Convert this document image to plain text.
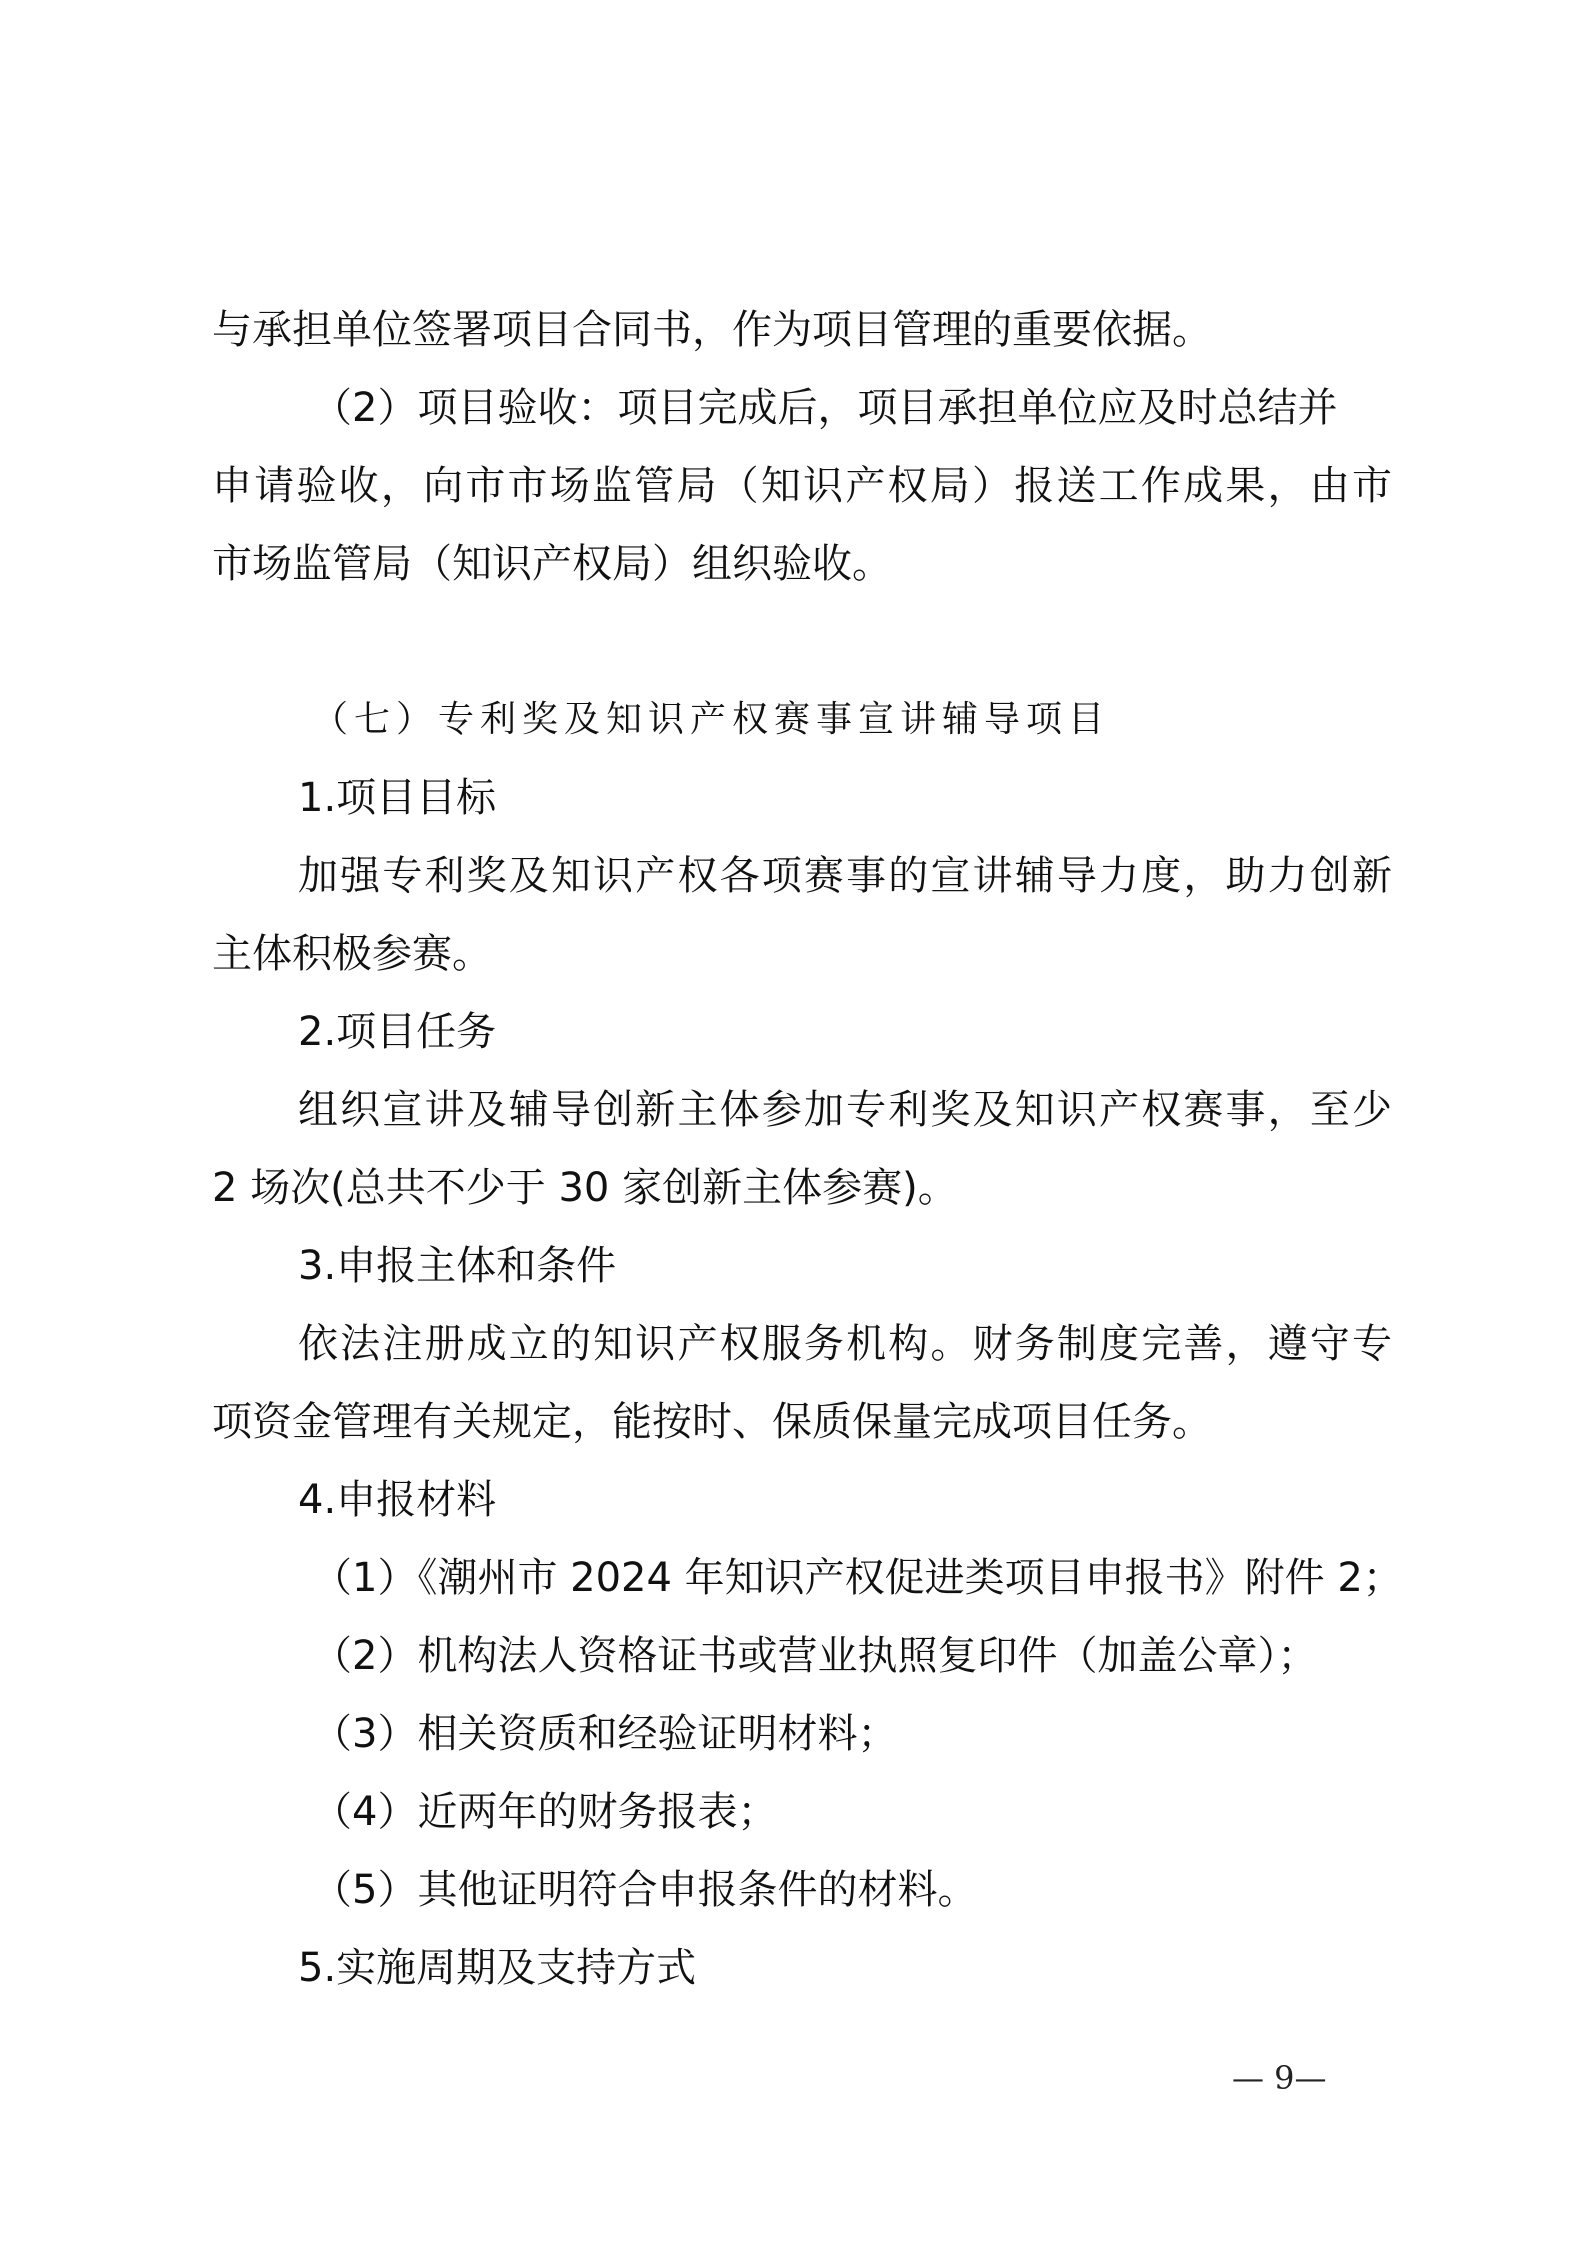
与承担单位签署项目合同书，作为项目管理的重要依据。
（2）项目验收：项目完成后，项目承担单位应及时总结并
申请验收，向市市场监管局（知识产权局）报送工作成果，由市
市场监管局（知识产权局）组织验收。
（七）专利奖及知识产权赛事宣讲辅导项目
1.项目目标
加强专利奖及知识产权各项赛事的宣讲辅导力度，助力创新
主体积极参赛。
2.项目任务
组织宣讲及辅导创新主体参加专利奖及知识产权赛事，至少
2 场次(总共不少于 30 家创新主体参赛)。
3.申报主体和条件
依法注册成立的知识产权服务机构。财务制度完善，遵守专
项资金管理有关规定，能按时、保质保量完成项目任务。
4.申报材料
（1）《潮州市 2024 年知识产权促进类项目申报书》附件 2；
（2）机构法人资格证书或营业执照复印件（加盖公章）；
（3）相关资质和经验证明材料；
（4）近两年的财务报表；
（5）其他证明符合申报条件的材料。
5.实施周期及支持方式
— 9—
